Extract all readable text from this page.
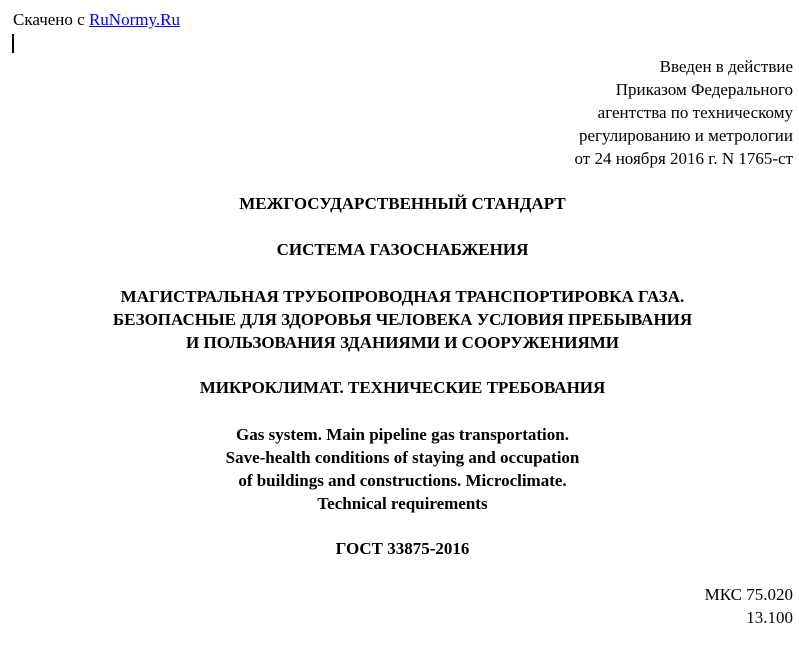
Скачено с RuNormy.Ru
Введен в действие
Приказом Федерального
агентства по техническому
регулированию и метрологии
от 24 ноября 2016 г. N 1765-ст
МЕЖГОСУДАРСТВЕННЫЙ СТАНДАРТ
СИСТЕМА ГАЗОСНАБЖЕНИЯ
МАГИСТРАЛЬНАЯ ТРУБОПРОВОДНАЯ ТРАНСПОРТИРОВКА ГАЗА.
БЕЗОПАСНЫЕ ДЛЯ ЗДОРОВЬЯ ЧЕЛОВЕКА УСЛОВИЯ ПРЕБЫВАНИЯ
И ПОЛЬЗОВАНИЯ ЗДАНИЯМИ И СООРУЖЕНИЯМИ
МИКРОКЛИМАТ. ТЕХНИЧЕСКИЕ ТРЕБОВАНИЯ
Gas system. Main pipeline gas transportation.
Save-health conditions of staying and occupation
of buildings and constructions. Microclimate.
Technical requirements
ГОСТ 33875-2016
МКС 75.020
13.100
